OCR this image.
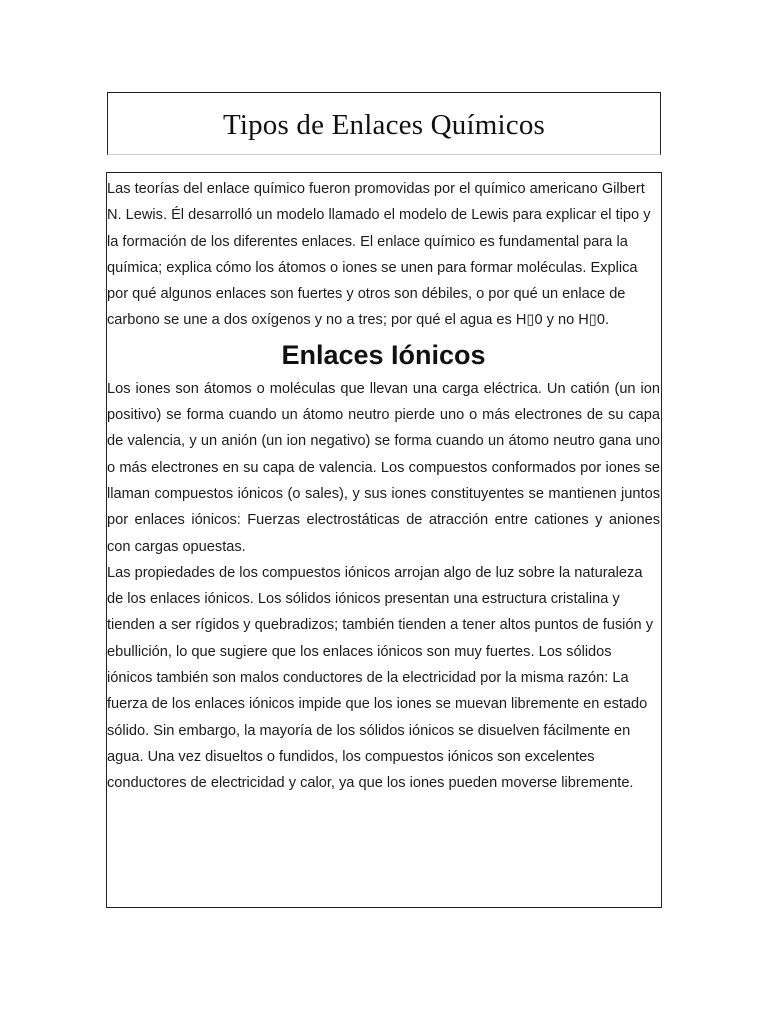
Tipos de Enlaces Químicos

Las teorías del enlace químico fueron promovidas por el químico americano Gilbert N. Lewis. Él desarrolló un modelo llamado el modelo de Lewis para explicar el tipo y la formación de los diferentes enlaces. El enlace químico es fundamental para la química; explica cómo los átomos o iones se unen para formar moléculas. Explica por qué algunos enlaces son fuertes y otros son débiles, o por qué un enlace de carbono se une a dos oxígenos y no a tres; por qué el agua es H▯0 y no H▯0.

Enlaces Iónicos

Los iones son átomos o moléculas que llevan una carga eléctrica. Un catión (un ion positivo) se forma cuando un átomo neutro pierde uno o más electrones de su capa de valencia, y un anión (un ion negativo) se forma cuando un átomo neutro gana uno o más electrones en su capa de valencia. Los compuestos conformados por iones se llaman compuestos iónicos (o sales), y sus iones constituyentes se mantienen juntos por enlaces iónicos: Fuerzas electrostáticas de atracción entre cationes y aniones con cargas opuestas.

Las propiedades de los compuestos iónicos arrojan algo de luz sobre la naturaleza de los enlaces iónicos. Los sólidos iónicos presentan una estructura cristalina y tienden a ser rígidos y quebradizos; también tienden a tener altos puntos de fusión y ebullición, lo que sugiere que los enlaces iónicos son muy fuertes. Los sólidos iónicos también son malos conductores de la electricidad por la misma razón: La fuerza de los enlaces iónicos impide que los iones se muevan libremente en estado sólido. Sin embargo, la mayoría de los sólidos iónicos se disuelven fácilmente en agua. Una vez disueltos o fundidos, los compuestos iónicos son excelentes conductores de electricidad y calor, ya que los iones pueden moverse libremente.
